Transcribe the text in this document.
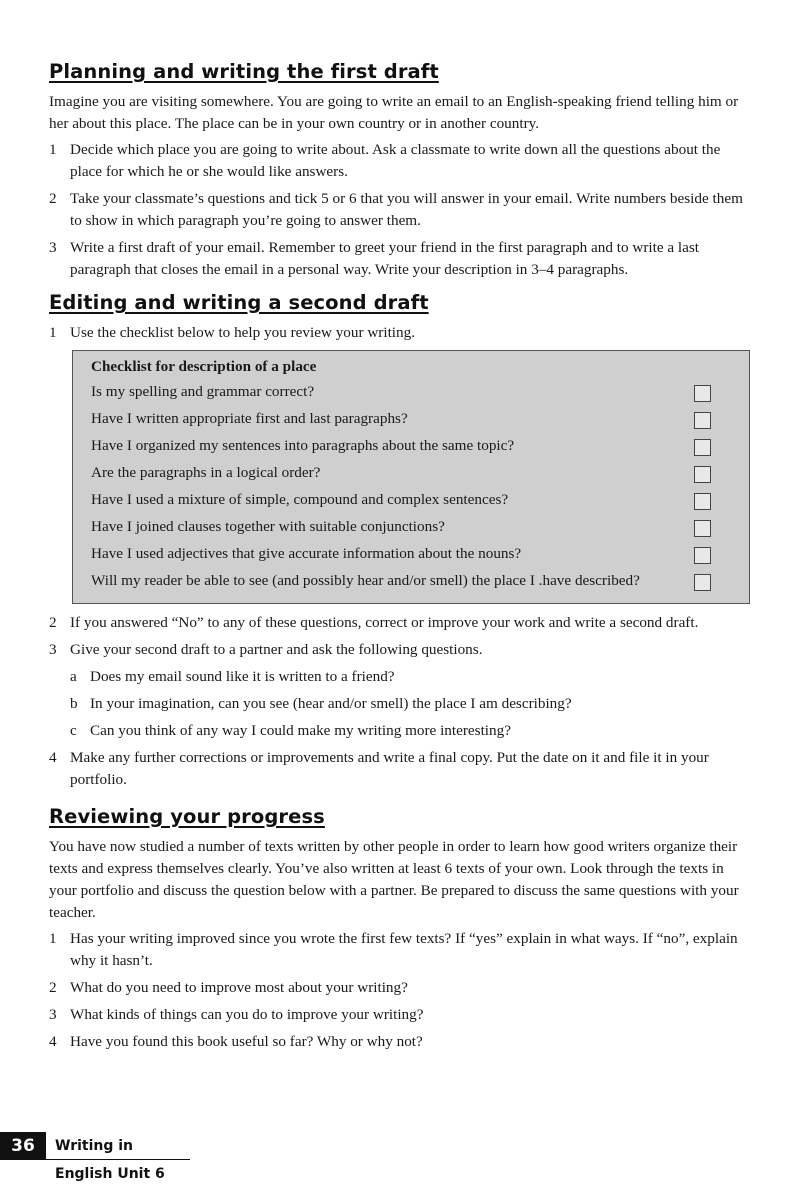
Planning and writing the first draft

Imagine you are visiting somewhere. You are going to write an email to an English-speaking friend telling him or her about this place. The place can be in your own country or in another country.

1 Decide which place you are going to write about. Ask a classmate to write down all the questions about the place for which he or she would like answers.
2 Take your classmate’s questions and tick 5 or 6 that you will answer in your email. Write numbers beside them to show in which paragraph you’re going to answer them.
3 Write a first draft of your email. Remember to greet your friend in the first paragraph and to write a last paragraph that closes the email in a personal way. Write your description in 3–4 paragraphs.
Editing and writing a second draft
1 Use the checklist below to help you review your writing.
Checklist for description of a place
Is my spelling and grammar correct?
Have I written appropriate first and last paragraphs?
Have I organized my sentences into paragraphs about the same topic?
Are the paragraphs in a logical order?
Have I used a mixture of simple, compound and complex sentences?
Have I joined clauses together with suitable conjunctions?
Have I used adjectives that give accurate information about the nouns?
Will my reader be able to see (and possibly hear and/or smell) the place I .have described?
2 If you answered “No” to any of these questions, correct or improve your work and write a second draft.
3 Give your second draft to a partner and ask the following questions.
a Does my email sound like it is written to a friend?
b In your imagination, can you see (hear and/or smell) the place I am describing?
c Can you think of any way I could make my writing more interesting?
4 Make any further corrections or improvements and write a final copy. Put the date on it and file it in your portfolio.
Reviewing your progress

You have now studied a number of texts written by other people in order to learn how good writers organize their texts and express themselves clearly. You’ve also written at least 6 texts of your own. Look through the texts in your portfolio and discuss the question below with a partner. Be prepared to discuss the same questions with your teacher.

1 Has your writing improved since you wrote the first few texts? If “yes” explain in what ways. If “no”, explain why it hasn’t.
2 What do you need to improve most about your writing?
3 What kinds of things can you do to improve your writing?
4 Have you found this book useful so far? Why or why not?
36	Writing in English Unit 6
